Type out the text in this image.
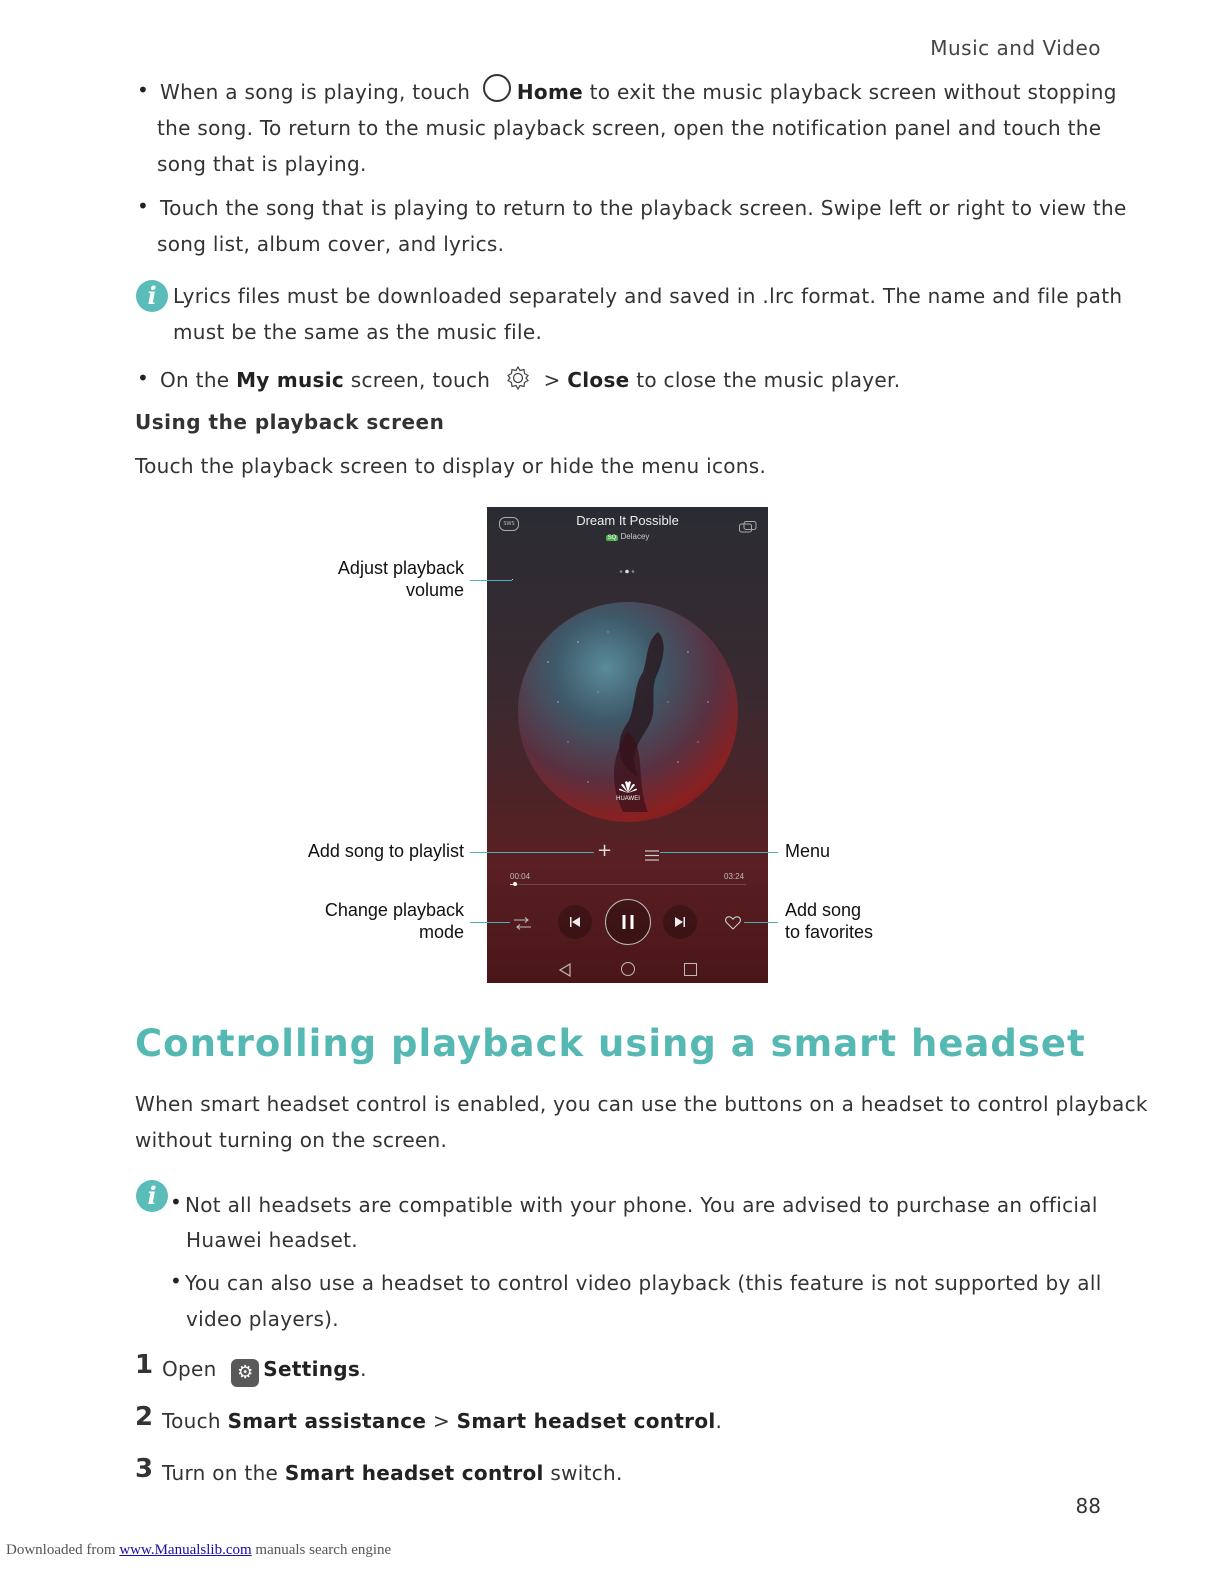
Music and Video
• When a song is playing, touch Home to exit the music playback screen without stopping
the song. To return to the music playback screen, open the notification panel and touch the
song that is playing.
• Touch the song that is playing to return to the playback screen. Swipe left or right to view the
song list, album cover, and lyrics.
i Lyrics files must be downloaded separately and saved in .lrc format. The name and file path
must be the same as the music file.
• On the My music screen, touch  > Close to close the music player.
Using the playback screen
Touch the playback screen to display or hide the menu icons.
SWS	Dream It Possible
SQ Delacey
HUAWEI
+
00:04	03:24
Adjust playback
volume
Add song to playlist
Change playback
mode
Menu
Add song
to favorites
Controlling playback using a smart headset
When smart headset control is enabled, you can use the buttons on a headset to control playback
without turning on the screen.
i • Not all headsets are compatible with your phone. You are advised to purchase an official
Huawei headset.
• You can also use a headset to control video playback (this feature is not supported by all
video players).
1 Open ⚙ Settings.
2 Touch Smart assistance > Smart headset control.
3 Turn on the Smart headset control switch.
88
Downloaded from www.Manualslib.com manuals search engine
